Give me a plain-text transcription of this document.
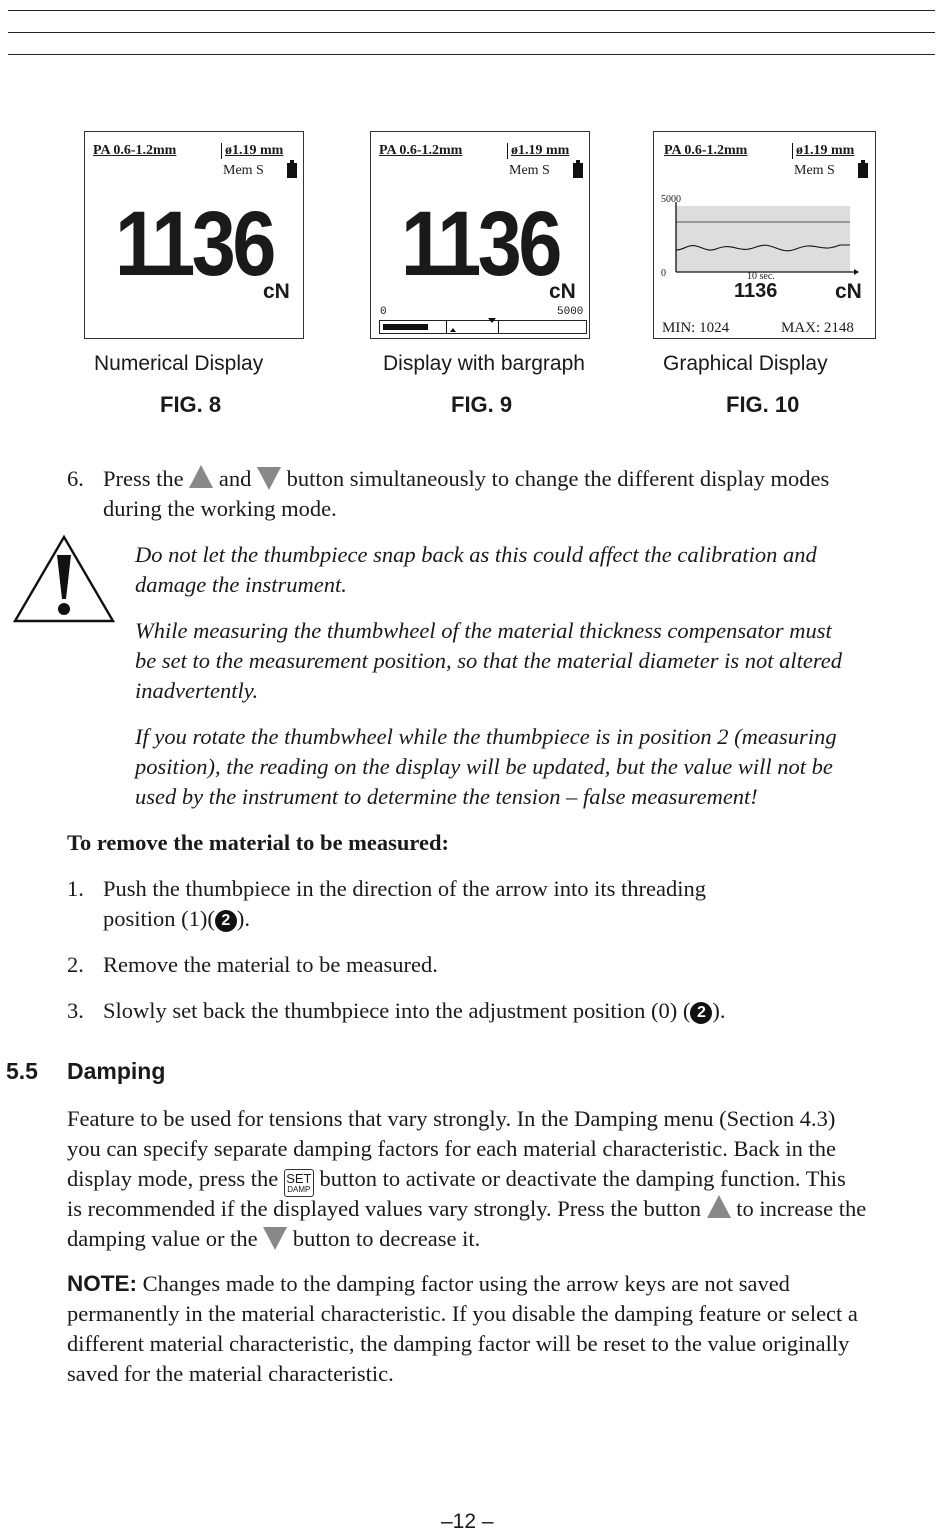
PA 0.6-1.2mm	ø1.19 mm
Mem S
1136
cN
Numerical Display
FIG. 8
PA 0.6-1.2mm	ø1.19 mm
Mem S
1136
cN
0	5000
Display with bargraph
FIG. 9
PA 0.6-1.2mm	ø1.19 mm
Mem S
5000
0	10 sec.
1136	cN
MIN: 1024	MAX: 2148
Graphical Display
FIG. 10
6. Press the and button simultaneously to change the different display modes
during the working mode.
Do not let the thumbpiece snap back as this could affect the calibration and
damage the instrument.
While measuring the thumbwheel of the material thickness compensator must
be set to the measurement position, so that the material diameter is not altered
inadvertently.
If you rotate the thumbwheel while the thumbpiece is in position 2 (measuring
position), the reading on the display will be updated, but the value will not be
used by the instrument to determine the tension – false measurement!
To remove the material to be measured:
1. Push the thumbpiece in the direction of the arrow into its threading
position (1)( 2 ).
2. Remove the material to be measured.
3. Slowly set back the thumbpiece into the adjustment position (0) ( 2 ).
5.5 Damping
Feature to be used for tensions that vary strongly. In the Damping menu (Section 4.3)
you can specify separate damping factors for each material characteristic. Back in the
display mode, press the SET
DAMP button to activate or deactivate the damping function. This
is recommended if the displayed values vary strongly. Press the button to increase the
damping value or the button to decrease it.
NOTE: Changes made to the damping factor using the arrow keys are not saved
permanently in the material characteristic. If you disable the damping feature or select a
different material characteristic, the damping factor will be reset to the value originally
saved for the material characteristic.
–12 –
